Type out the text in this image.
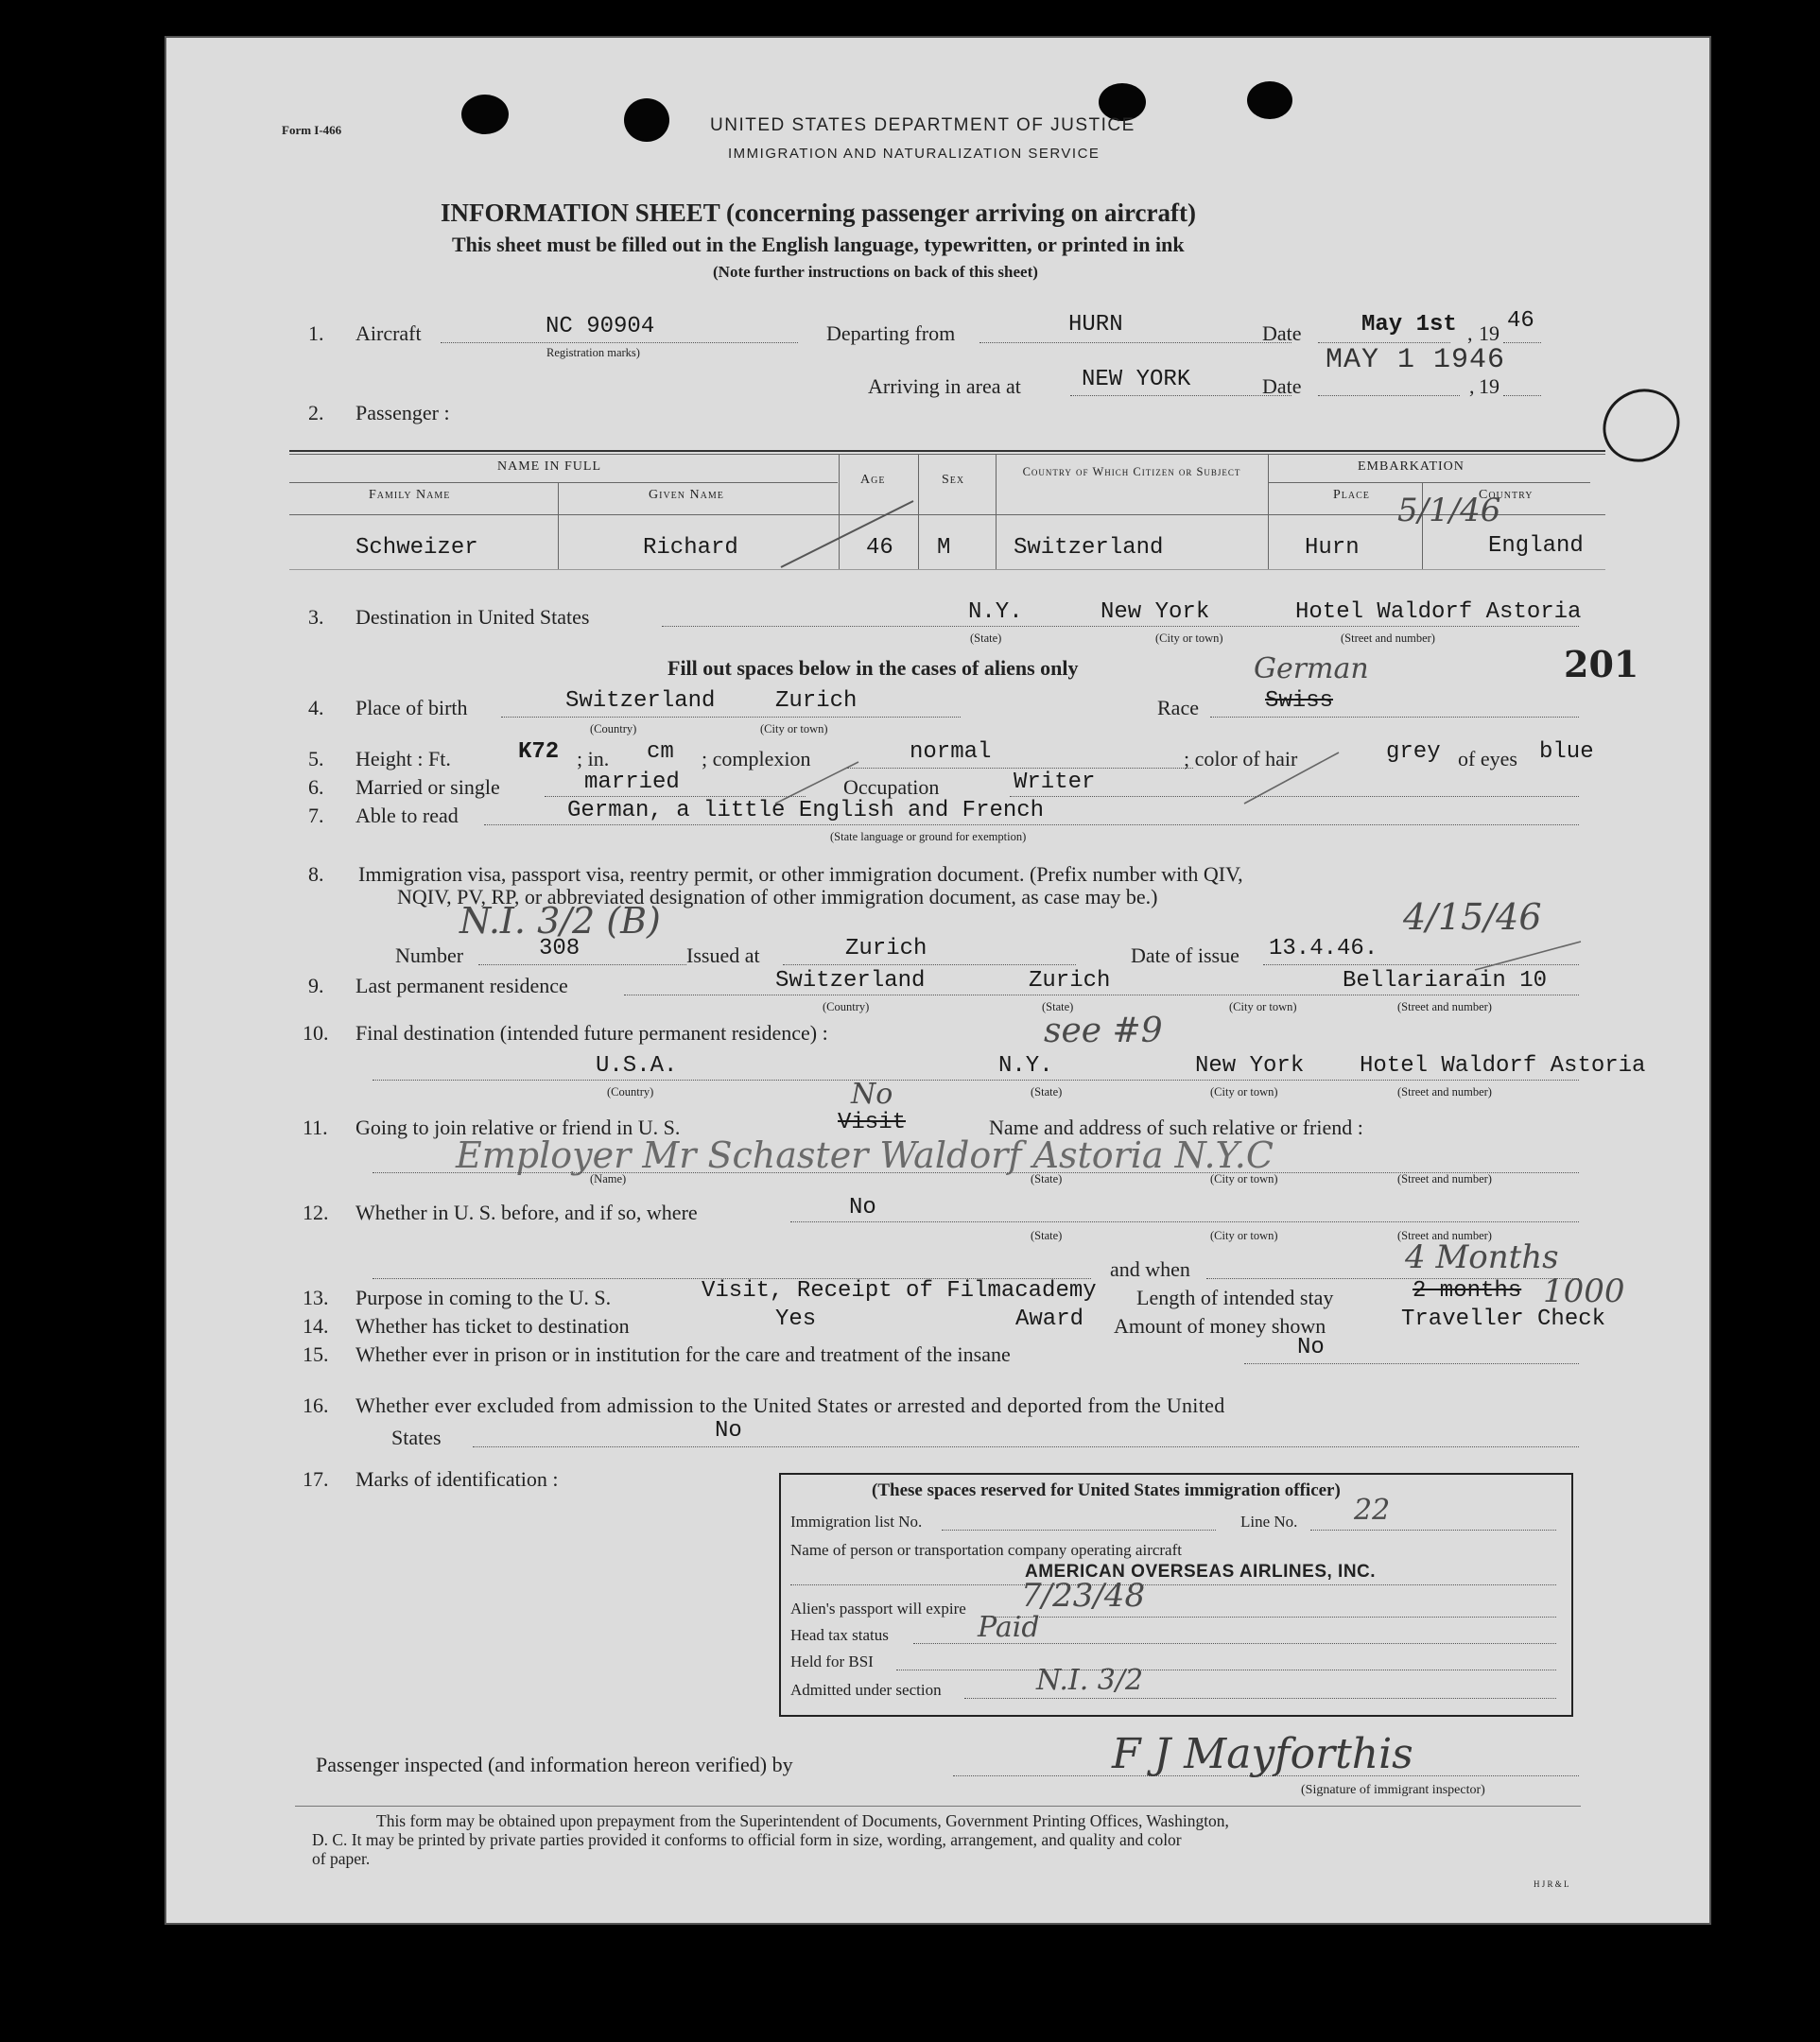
Form I-466	UNITED STATES DEPARTMENT OF JUSTICE
IMMIGRATION AND NATURALIZATION SERVICE
INFORMATION SHEET (concerning passenger arriving on aircraft)
This sheet must be filled out in the English language, typewritten, or printed in ink
(Note further instructions on back of this sheet)
1. Aircraft	NC 90904
Registration marks)
Departing from	HURN	Date	May 1st 19
, 46
Arriving in area at	NEW YORK	Date
MAY 1 1946
, 19
2. Passenger :
NAME IN FULL
Family Name	Given Name
Age	Sex
Country of Which Citizen or Subject	EMBARKATION
Place	Country
Schweizer	Richard	46 M	Switzerland	Hurn	England
5/1/46
3. Destination in United States	N.Y.	New York	Hotel Waldorf Astoria
(State)	(City or town)	(Street and number)
Fill out spaces below in the cases of aliens only	German	201
4. Place of birth	Switzerland	Zurich
(Country)	(City or town)
Race	Swiss
5. Height : Ft.	K72 ; in. cm ; complexion	normal	; color of hair	grey of eyes blue
6. Married or single	married	Occupation	Writer
7. Able to read	German, a little English and French
(State language or ground for exemption)
8. Immigration visa, passport visa, reentry permit, or other immigration document. (Prefix number with QIV,
NQIV, PV, RP, or abbreviated designation of other immigration document, as case may be.)
N.I. 3/2 (B)
Number	308	Issued at	Zurich	Date of issue 13.4.46.
4/15/46
9. Last permanent residence	Switzerland	Zurich	Bellariarain 10
(Country)	(State)	(City or town)	(Street and number)
10. Final destination (intended future permanent residence) :	see #9
U.S.A.	N.Y.	New York Hotel Waldorf Astoria
(Country)	(State)	(City or town)	(Street and number)
11. Going to join relative or friend in U. S.	Visit
No
Name and address of such relative or friend :
Employer Mr Schaster Waldorf Astoria N.Y.C
(Name)	(State)	(City or town)	(Street and number)
12. Whether in U. S. before, and if so, where	No
(State)	(City or town)	(Street and number)
and when	4 Months
13. Purpose in coming to the U. S.	Visit, Receipt of Filmacademy Length of intended stay	2 months 1000
14. Whether has ticket to destination	Yes	Award Amount of money shown	Traveller Check
15. Whether ever in prison or in institution for the care and treatment of the insane	No
16. Whether ever excluded from admission to the United States or arrested and deported from the United
States	No
17. Marks of identification :	(These spaces reserved for United States immigration officer)
Immigration list No.	Line No. 22
Name of person or transportation company operating aircraft
AMERICAN OVERSEAS AIRLINES, INC.
Alien's passport will expire 7/23/48
Head tax status	Paid
Held for BSI
Admitted under section	N.I. 3/2
Passenger inspected (and information hereon verified) by	F J Mayforthis
(Signature of immigrant inspector)
This form may be obtained upon prepayment from the Superintendent of Documents, Government Printing Offices, Washington,
D. C. It may be printed by private parties provided it conforms to official form in size, wording, arrangement, and quality and color
of paper.
H J R & L
